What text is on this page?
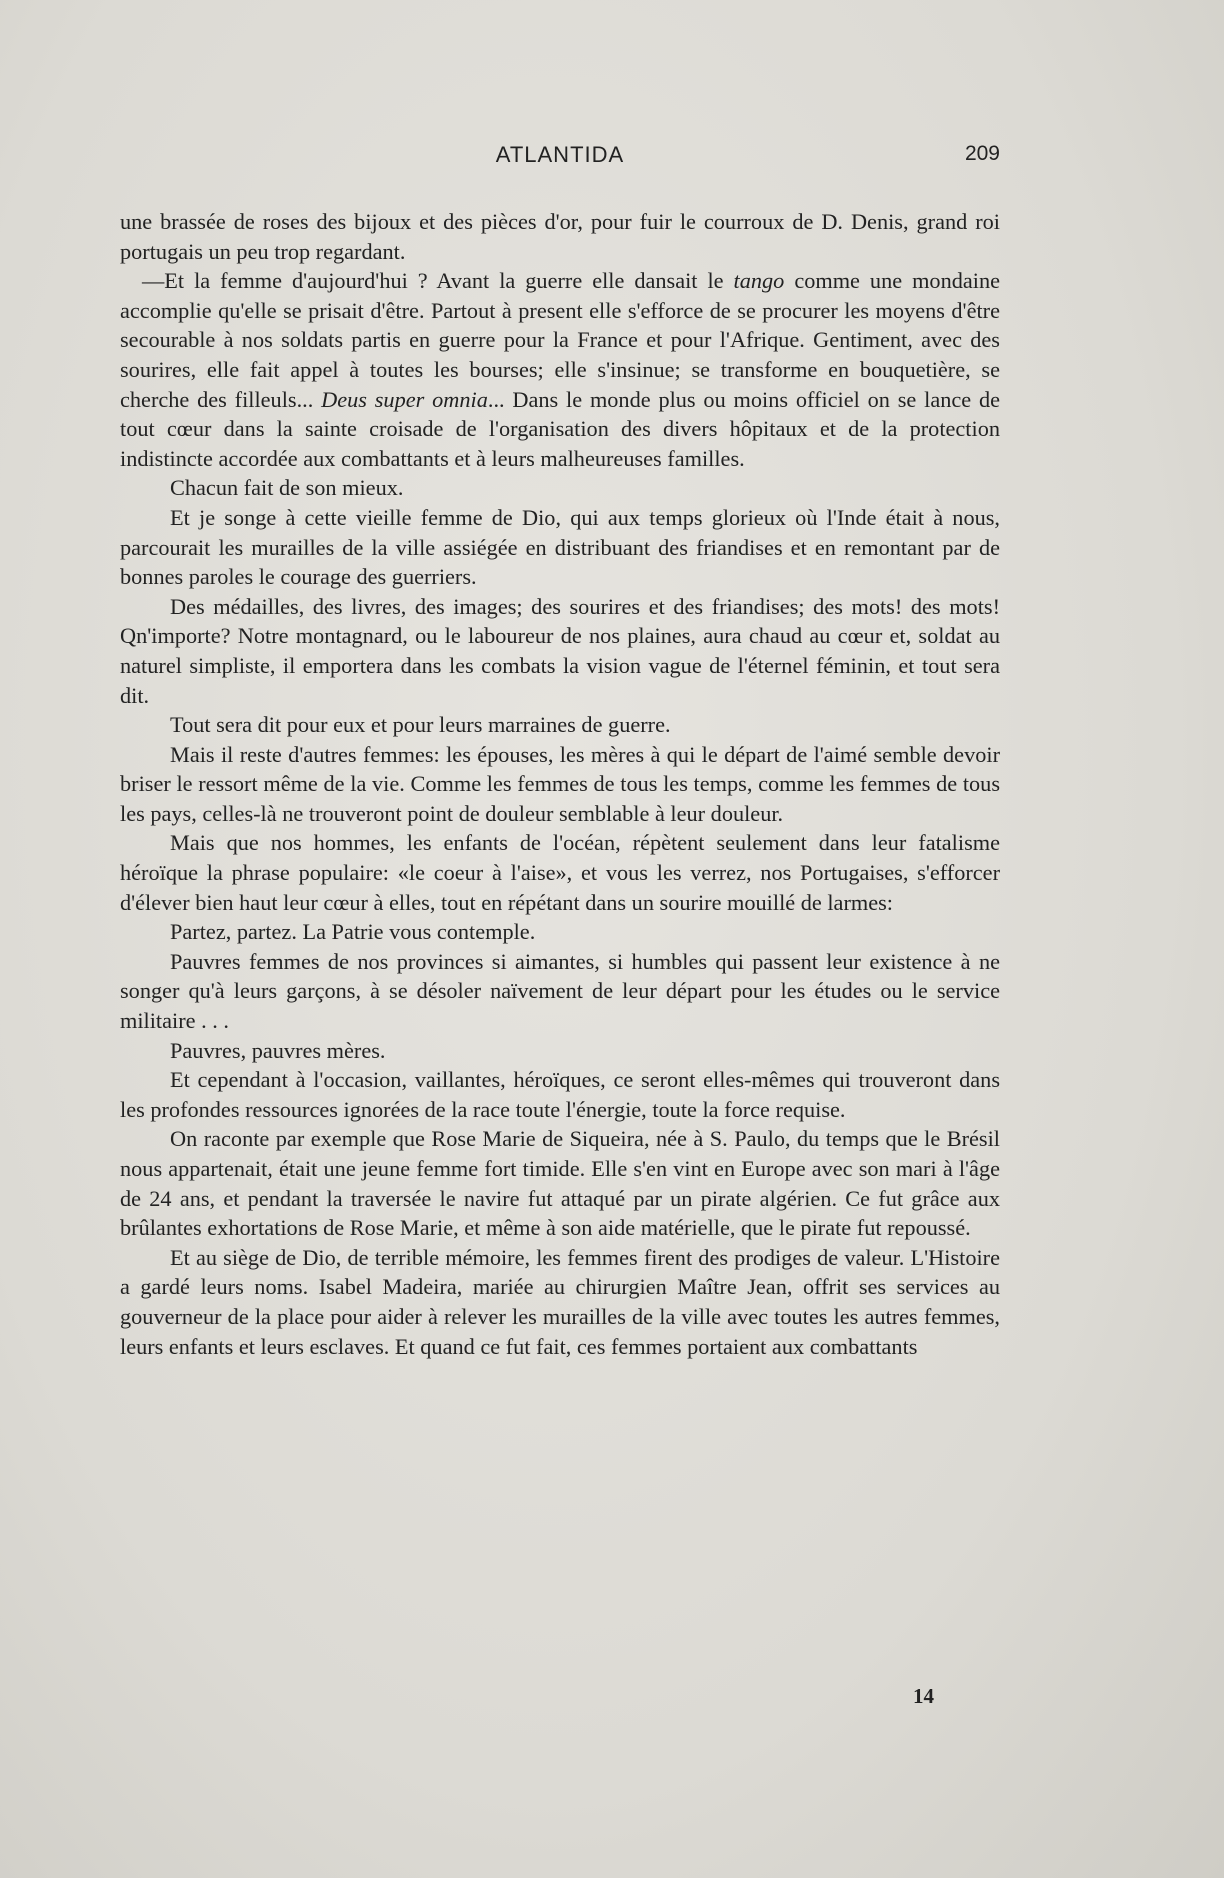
ATLANTIDA	209

une brassée de roses des bijoux et des pièces d'or, pour fuir le courroux de D. Denis, grand roi portugais un peu trop regardant.

—Et la femme d'aujourd'hui ? Avant la guerre elle dansait le tango comme une mondaine accomplie qu'elle se prisait d'être. Partout à present elle s'efforce de se procurer les moyens d'être secourable à nos soldats partis en guerre pour la France et pour l'Afrique. Gentiment, avec des sourires, elle fait appel à toutes les bourses; elle s'insinue; se transforme en bouquetière, se cherche des filleuls... Deus super omnia... Dans le monde plus ou moins officiel on se lance de tout cœur dans la sainte croisade de l'organisation des divers hôpitaux et de la protection indistincte accordée aux combattants et à leurs malheureuses familles.

Chacun fait de son mieux.

Et je songe à cette vieille femme de Dio, qui aux temps glorieux où l'Inde était à nous, parcourait les murailles de la ville assiégée en distribuant des friandises et en remontant par de bonnes paroles le courage des guerriers.

Des médailles, des livres, des images; des sourires et des friandises; des mots! des mots! Qn'importe? Notre montagnard, ou le laboureur de nos plaines, aura chaud au cœur et, soldat au naturel simpliste, il emportera dans les combats la vision vague de l'éternel féminin, et tout sera dit.

Tout sera dit pour eux et pour leurs marraines de guerre.

Mais il reste d'autres femmes: les épouses, les mères à qui le départ de l'aimé semble devoir briser le ressort même de la vie. Comme les femmes de tous les temps, comme les femmes de tous les pays, celles-là ne trouveront point de douleur semblable à leur douleur.

Mais que nos hommes, les enfants de l'océan, répètent seulement dans leur fatalisme héroïque la phrase populaire: «le coeur à l'aise», et vous les verrez, nos Portugaises, s'efforcer d'élever bien haut leur cœur à elles, tout en répétant dans un sourire mouillé de larmes:

Partez, partez. La Patrie vous contemple.

Pauvres femmes de nos provinces si aimantes, si humbles qui passent leur existence à ne songer qu'à leurs garçons, à se désoler naïvement de leur départ pour les études ou le service militaire . . .

Pauvres, pauvres mères.

Et cependant à l'occasion, vaillantes, héroïques, ce seront elles-mêmes qui trouveront dans les profondes ressources ignorées de la race toute l'énergie, toute la force requise.

On raconte par exemple que Rose Marie de Siqueira, née à S. Paulo, du temps que le Brésil nous appartenait, était une jeune femme fort timide. Elle s'en vint en Europe avec son mari à l'âge de 24 ans, et pendant la traversée le navire fut attaqué par un pirate algérien. Ce fut grâce aux brûlantes exhortations de Rose Marie, et même à son aide matérielle, que le pirate fut repoussé.

Et au siège de Dio, de terrible mémoire, les femmes firent des prodiges de valeur. L'Histoire a gardé leurs noms. Isabel Madeira, mariée au chirurgien Maître Jean, offrit ses services au gouverneur de la place pour aider à relever les murailles de la ville avec toutes les autres femmes, leurs enfants et leurs esclaves. Et quand ce fut fait, ces femmes portaient aux combattants

14
